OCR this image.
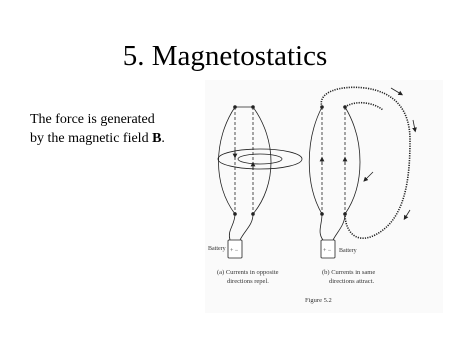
5. Magnetostatics
The force is generated
by the magnetic field B.
Battery + −	Battery
+ −
(a) Currents in opposite
directions repel.
(b) Currents in same
directions attract.
Figure 5.2
